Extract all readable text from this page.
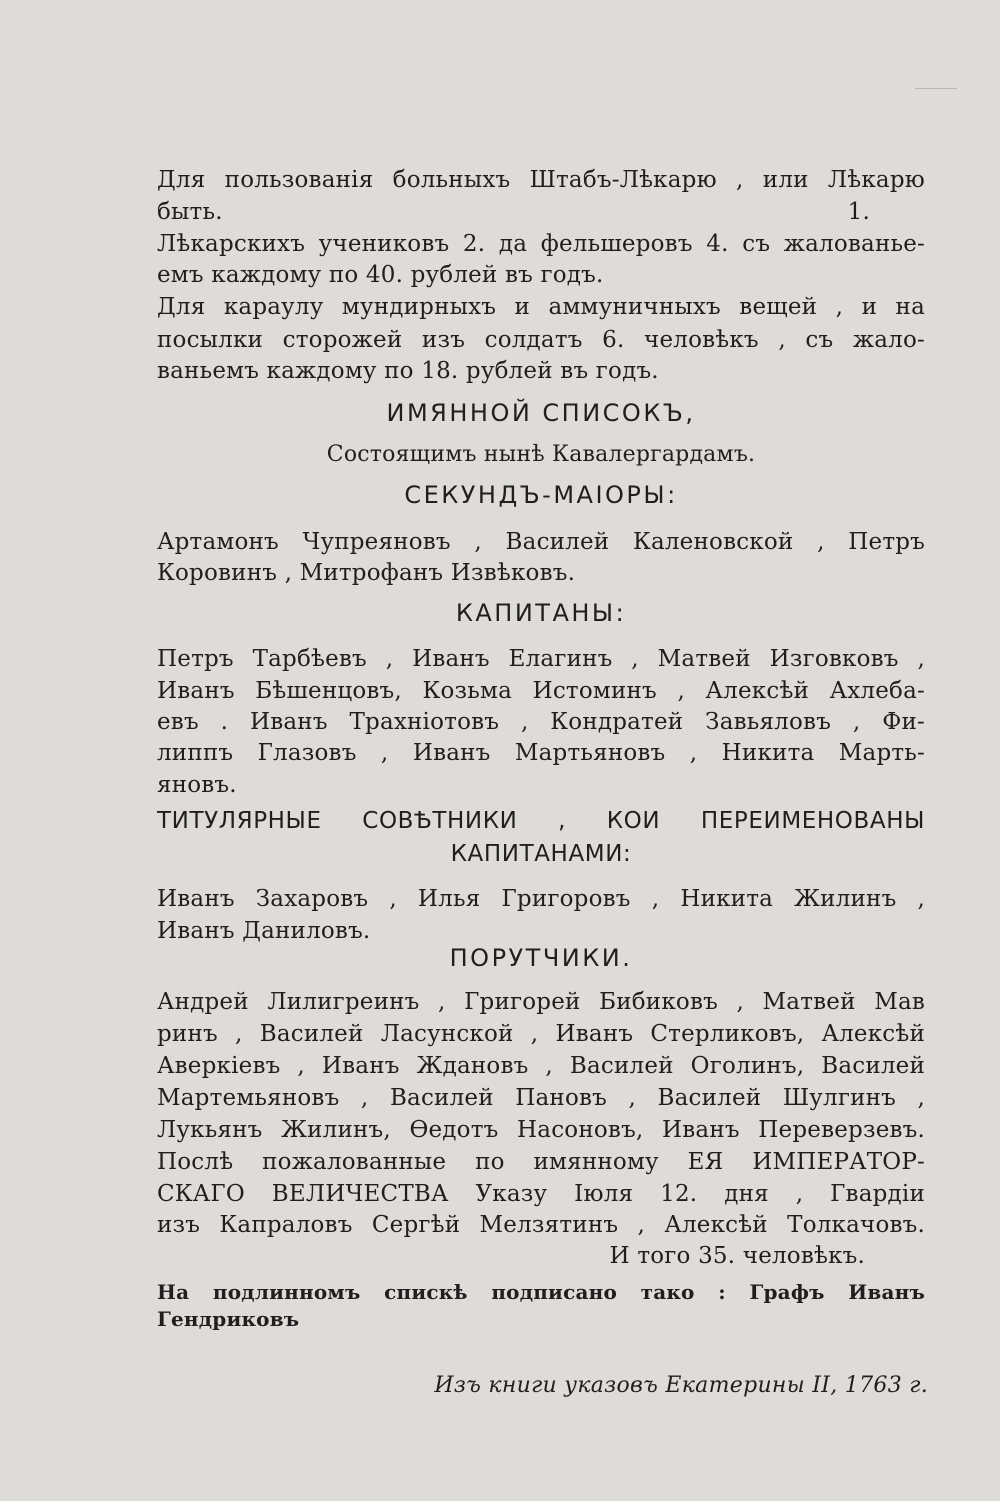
Для пользованія больныхъ Штабъ-Лѣкарю , или Лѣкарю
быть.	1.
Лѣкарскихъ учениковъ 2. да фельшеровъ 4. съ жалованье-
емъ каждому по 40. рублей въ годъ.
Для караулу мундирныхъ и аммуничныхъ вещей , и на
посылки сторожей изъ солдатъ 6. человѣкъ , съ жало-
ваньемъ каждому по 18. рублей въ годъ.
ИМЯННОЙ СПИСОКЪ,
Состоящимъ нынѣ Кавалергардамъ.
СЕКУНДЪ-МАІОРЫ:
Артамонъ Чупреяновъ , Василей Каленовской , Петръ
Коровинъ , Митрофанъ Извѣковъ.
КАПИТАНЫ:
Петръ Тарбѣевъ , Иванъ Елагинъ , Матвей Изговковъ ,
Иванъ Бѣшенцовъ, Козьма Истоминъ , Алексѣй Ахлеба-
евъ . Иванъ Трахніотовъ , Кондратей Завьяловъ , Фи-
липпъ Глазовъ , Иванъ Мартьяновъ , Никита Марть-
яновъ.
ТИТУЛЯРНЫЕ СОВѢТНИКИ , КОИ ПЕРЕИМЕНОВАНЫ
КАПИТАНАМИ:
Иванъ Захаровъ , Илья Григоровъ , Никита Жилинъ ,
Иванъ Даниловъ.
ПОРУТЧИКИ.
Андрей Лилигреинъ , Григорей Бибиковъ , Матвей Мав
ринъ , Василей Ласунской , Иванъ Стерликовъ, Алексѣй
Аверкіевъ , Иванъ Ждановъ , Василей Оголинъ, Василей
Мартемьяновъ , Василей Пановъ , Василей Шулгинъ ,
Лукьянъ Жилинъ, Ѳедотъ Насоновъ, Иванъ Переверзевъ.
Послѣ пожалованные по имянному ЕЯ ИМПЕРАТОР-
СКАГО ВЕЛИЧЕСТВА Указу Іюля 12. дня , Гвардіи
изъ Капраловъ Сергѣй Мелзятинъ , Алексѣй Толкачовъ.
И того 35. человѣкъ.
На подлинномъ спискѣ подписано тако : Графъ Иванъ
Гендриковъ
Изъ книги указовъ Екатерины II, 1763 г.
